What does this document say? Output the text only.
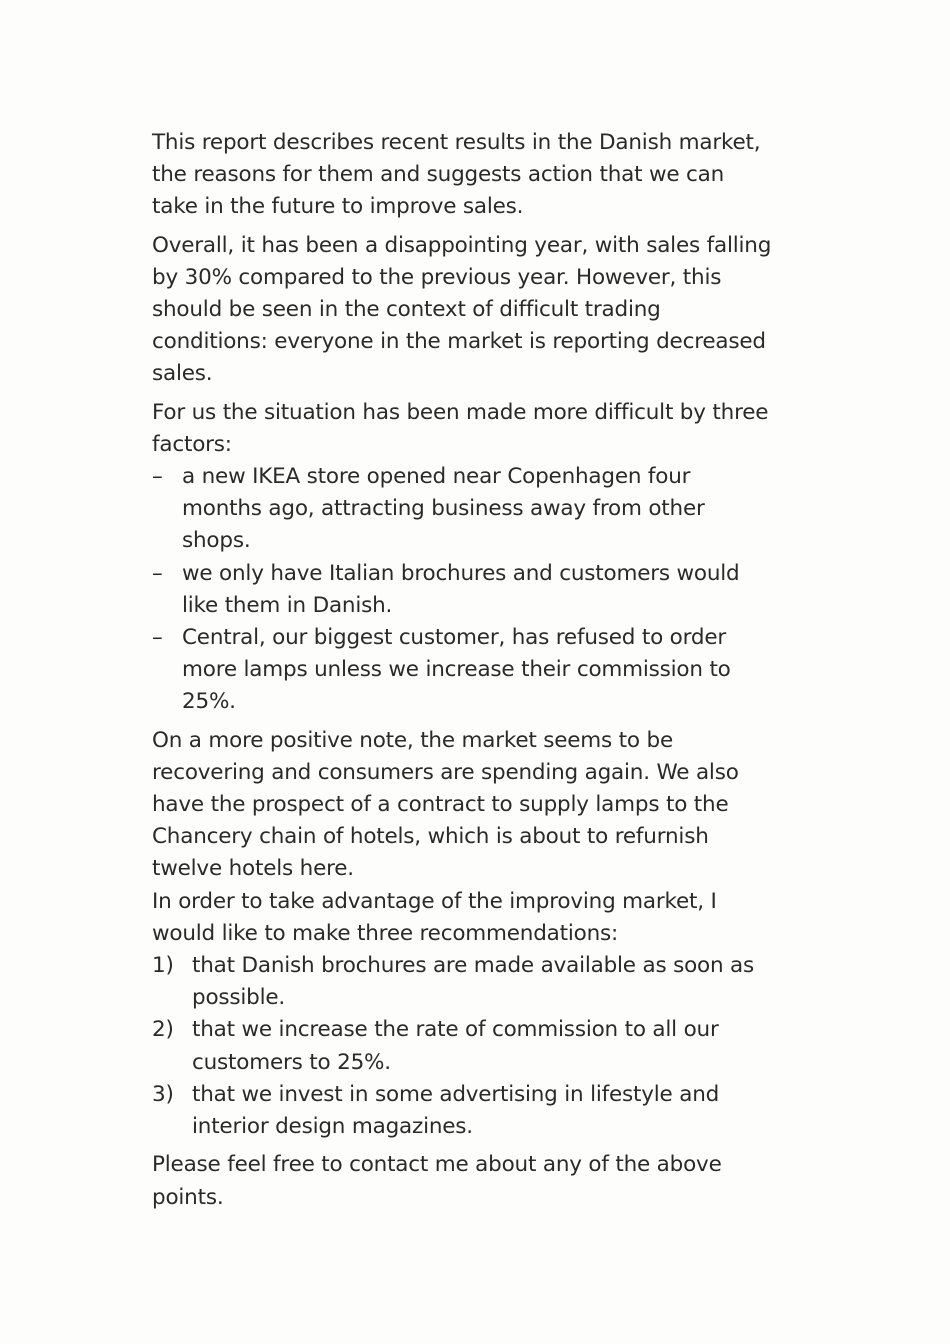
This report describes recent results in the Danish market, the reasons for them and suggests action that we can take in the future to improve sales.

Overall, it has been a disappointing year, with sales falling by 30% compared to the previous year. However, this should be seen in the context of difficult trading conditions: everyone in the market is reporting decreased sales.

For us the situation has been made more difficult by three factors:

– a new IKEA store opened near Copenhagen four months ago, attracting business away from other shops.
– we only have Italian brochures and customers would like them in Danish.
– Central, our biggest customer, has refused to order more lamps unless we increase their commission to 25%.

On a more positive note, the market seems to be recovering and consumers are spending again. We also have the prospect of a contract to supply lamps to the Chancery chain of hotels, which is about to refurnish twelve hotels here.

In order to take advantage of the improving market, I would like to make three recommendations:

1) that Danish brochures are made available as soon as possible.
2) that we increase the rate of commission to all our customers to 25%.
3) that we invest in some advertising in lifestyle and interior design magazines.

Please feel free to contact me about any of the above points.
